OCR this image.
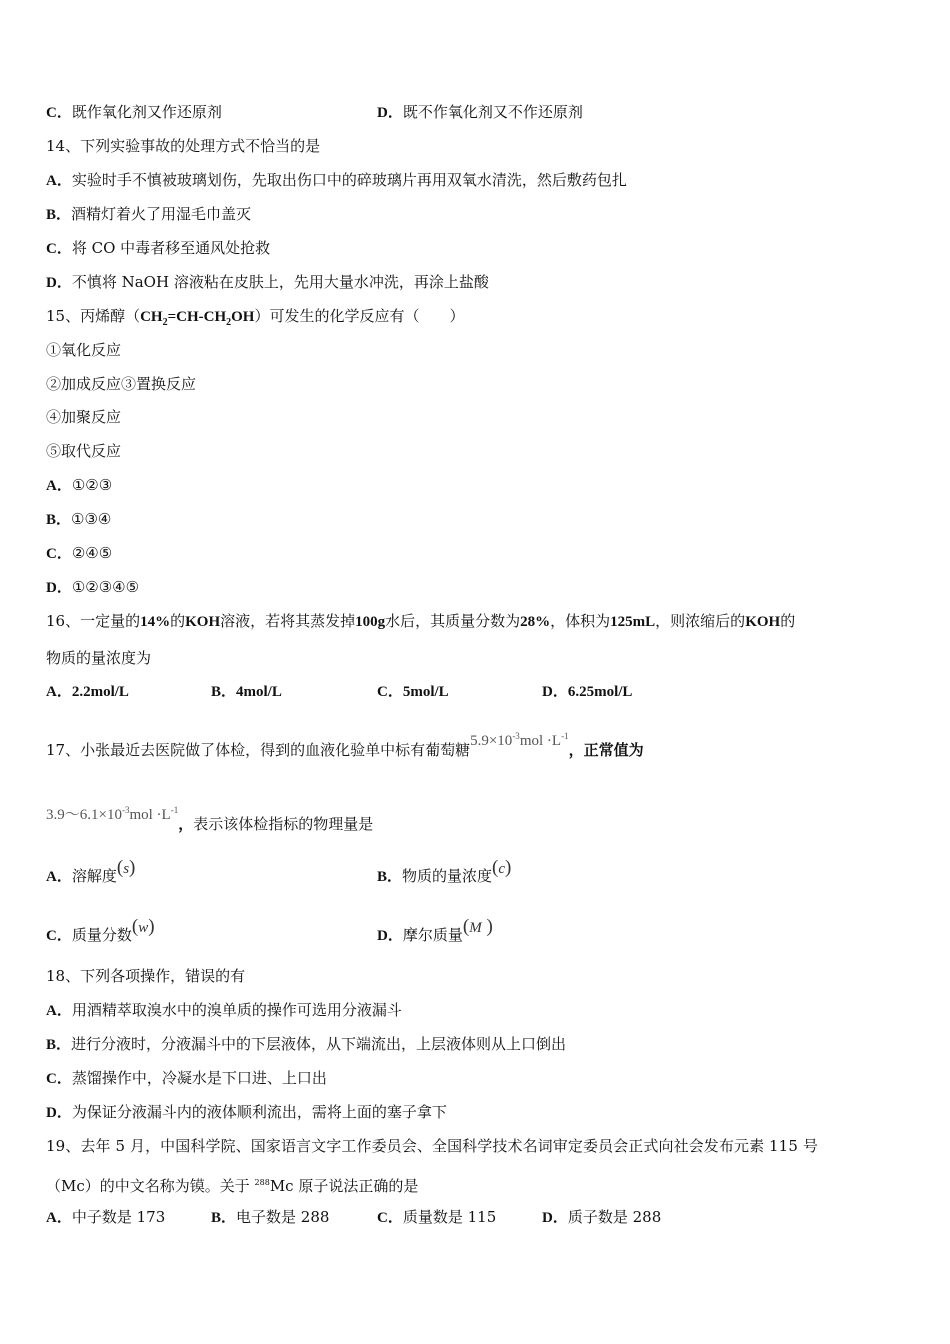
C．既作氧化剂又作还原剂	D．既不作氧化剂又不作还原剂
14、下列实验事故的处理方式不恰当的是
A．实验时手不慎被玻璃划伤，先取出伤口中的碎玻璃片再用双氧水清洗，然后敷药包扎
B．酒精灯着火了用湿毛巾盖灭
C．将 CO 中毒者移至通风处抢救
D．不慎将 NaOH 溶液粘在皮肤上，先用大量水冲洗，再涂上盐酸
15、丙烯醇$(CH_2=CH-CH_2OH)$可发生的化学反应有（　　）
①氧化反应
②加成反应③置换反应
④加聚反应
⑤取代反应
A．①②③
B．①③④
C．②④⑤
D．①②③④⑤
16、一定量的14%的KOH溶液，若将其蒸发掉100g水后，其质量分数为28%，体积为125mL，则浓缩后的KOH的
物质的量浓度为
A．2.2mol/L	B．4mol/L	C．5mol/L	D．6.25mol/L
17、小张最近去医院做了体检，得到的血液化验单中标有葡萄糖$5.9\times 10^{-3}mol \cdot L^{-1}$，正常值为
$3.9\sim 6.1\times 10^{-3}mol \cdot L^{-1}$，表示该体检指标的物理量是
A．溶解度(s)	B．物质的量浓度(c)
C．质量分数(w)	D．摩尔质量(M )
18、下列各项操作，错误的有
A．用酒精萃取溴水中的溴单质的操作可选用分液漏斗
B．进行分液时，分液漏斗中的下层液体，从下端流出，上层液体则从上口倒出
C．蒸馏操作中，冷凝水是下口进、上口出
D．为保证分液漏斗内的液体顺利流出，需将上面的塞子拿下
19、去年 5 月，中国科学院、国家语言文字工作委员会、全国科学技术名词审定委员会正式向社会发布元素 115 号
（Mc）的中文名称为镆。关于 $^{288}$Mc 原子说法正确的是
A．中子数是 173	B．电子数是 288	C．质量数是 115	D．质子数是 288
